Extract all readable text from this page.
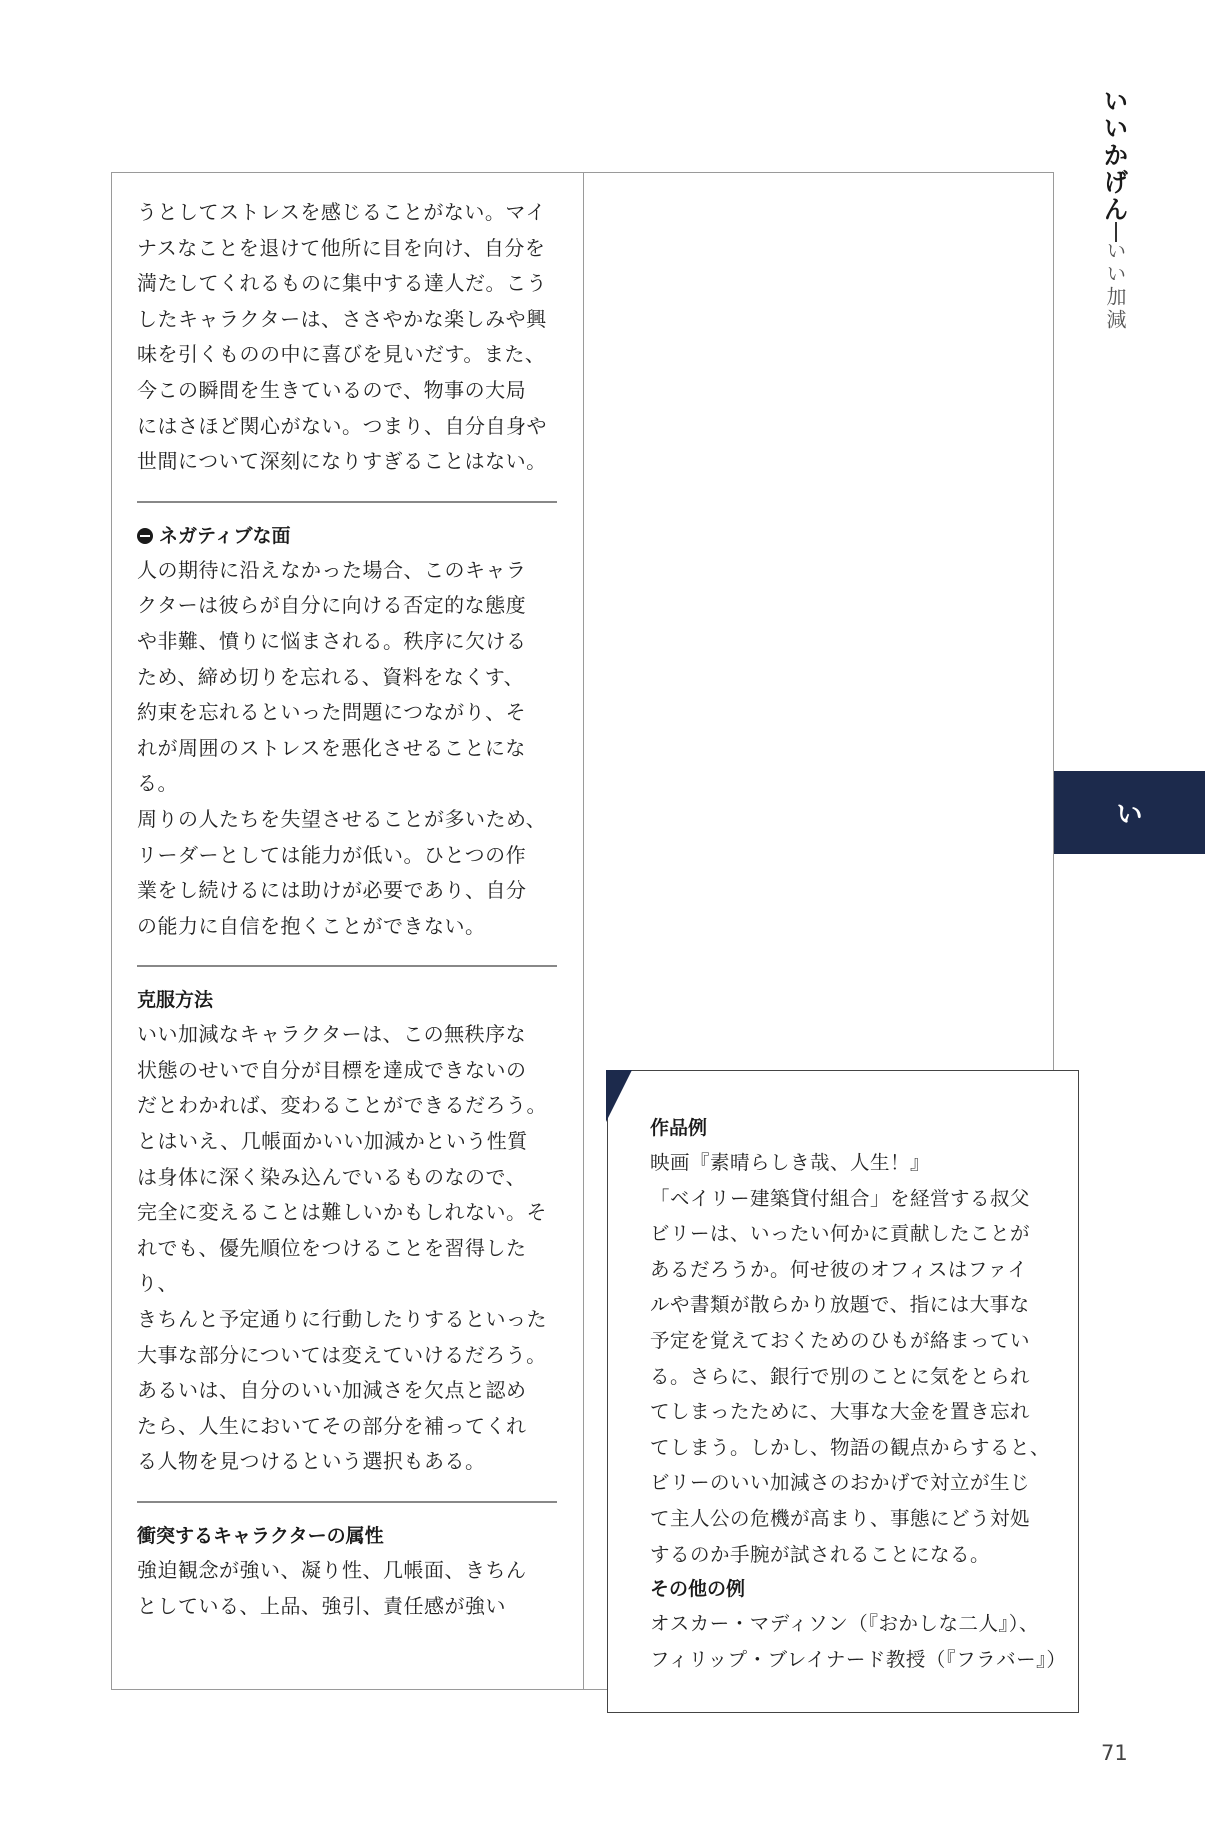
いいかげん
いい加減
い

うとしてストレスを感じることがない。マイ

ナスなことを退けて他所に目を向け、自分を

満たしてくれるものに集中する達人だ。こう

したキャラクターは、ささやかな楽しみや興

味を引くものの中に喜びを見いだす。また、

今この瞬間を生きているので、物事の大局

にはさほど関心がない。つまり、自分自身や

世間について深刻になりすぎることはない。

ネガティブな面

人の期待に沿えなかった場合、このキャラ

クターは彼らが自分に向ける否定的な態度

や非難、憤りに悩まされる。秩序に欠ける

ため、締め切りを忘れる、資料をなくす、

約束を忘れるといった問題につながり、そ

れが周囲のストレスを悪化させることになる。

周りの人たちを失望させることが多いため、

リーダーとしては能力が低い。ひとつの作

業をし続けるには助けが必要であり、自分

の能力に自信を抱くことができない。

克服方法

いい加減なキャラクターは、この無秩序な

状態のせいで自分が目標を達成できないの

だとわかれば、変わることができるだろう。

とはいえ、几帳面かいい加減かという性質

は身体に深く染み込んでいるものなので、

完全に変えることは難しいかもしれない。そ

れでも、優先順位をつけることを習得したり、

きちんと予定通りに行動したりするといった

大事な部分については変えていけるだろう。

あるいは、自分のいい加減さを欠点と認め

たら、人生においてその部分を補ってくれ

る人物を見つけるという選択もある。

衝突するキャラクターの属性

強迫観念が強い、凝り性、几帳面、きちん

としている、上品、強引、責任感が強い

作品例

映画『素晴らしき哉、人生！』

「ベイリー建築貸付組合」を経営する叔父

ビリーは、いったい何かに貢献したことが

あるだろうか。何せ彼のオフィスはファイ

ルや書類が散らかり放題で、指には大事な

予定を覚えておくためのひもが絡まってい

る。さらに、銀行で別のことに気をとられ

てしまったために、大事な大金を置き忘れ

てしまう。しかし、物語の観点からすると、

ビリーのいい加減さのおかげで対立が生じ

て主人公の危機が高まり、事態にどう対処

するのか手腕が試されることになる。

その他の例

オスカー・マディソン（『おかしな二人』）、

フィリップ・ブレイナード教授（『フラバー』）

71
